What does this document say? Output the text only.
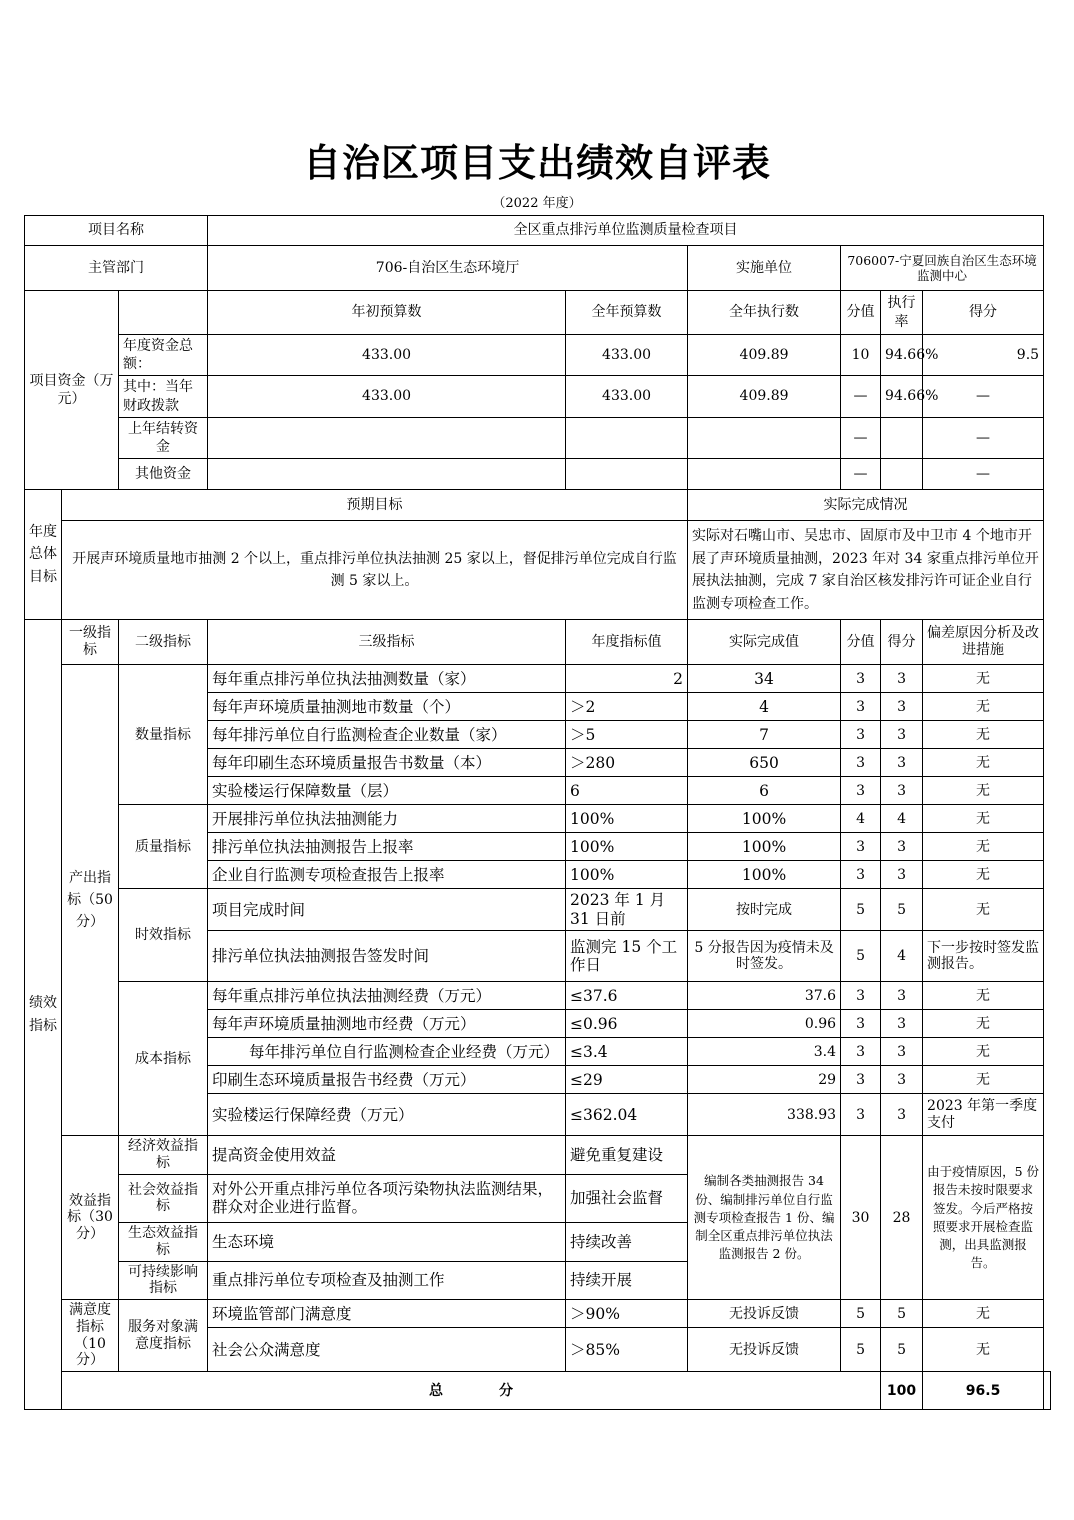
自治区项目支出绩效自评表
（2022 年度）
项目名称			全区重点排污单位监测质量检查项目						
主管部门			706-自治区生态环境厅		实施单位	706007-宁夏回族自治区生态环境监测中心			
项目资金（万元）			年初预算数	全年预算数	全年执行数	分值	执行率	得分	
		年度资金总额：	433.00	433.00	409.89	10	94.66%	9.5	
		其中：当年财政拨款	433.00	433.00	409.89	—	94.66%	—	
		上年结转资金				—		—	
		其他资金				—		—	
年度总体目标	预期目标				实际完成情况				
	开展声环境质量地市抽测 2 个以上，重点排污单位执法抽测 25 家以上，督促排污单位完成自行监测 5 家以上。				实际对石嘴山市、吴忠市、固原市及中卫市 4 个地市开展了声环境质量抽测，2023 年对 34 家重点排污单位开展执法抽测，完成 7 家自治区核发排污许可证企业自行监测专项检查工作。				
绩效指标	一级指标	二级指标	三级指标	年度指标值	实际完成值	分值	得分	偏差原因分析及改进措施	
	产出指标（50分）	数量指标	每年重点排污单位执法抽测数量（家）	2	34	3	3	无	
			每年声环境质量抽测地市数量（个）	＞2	4	3	3	无	
			每年排污单位自行监测检查企业数量（家）	＞5	7	3	3	无	
			每年印刷生态环境质量报告书数量（本）	＞280	650	3	3	无	
			实验楼运行保障数量（层）	6	6	3	3	无	
		质量指标	开展排污单位执法抽测能力	100%	100%	4	4	无	
			排污单位执法抽测报告上报率	100%	100%	3	3	无	
			企业自行监测专项检查报告上报率	100%	100%	3	3	无	
		时效指标	项目完成时间	2023 年 1 月 31 日前	按时完成	5	5	无	
			排污单位执法抽测报告签发时间	监测完 15 个工作日	5 分报告因为疫情未及时签发。	5	4	下一步按时签发监测报告。	
		成本指标	每年重点排污单位执法抽测经费（万元）	≤37.6	37.6	3	3	无	
			每年声环境质量抽测地市经费（万元）	≤0.96	0.96	3	3	无	
			每年排污单位自行监测检查企业经费（万元）	≤3.4	3.4	3	3	无	
			印刷生态环境质量报告书经费（万元）	≤29	29	3	3	无	
			实验楼运行保障经费（万元）	≤362.04	338.93	3	3	2023 年第一季度支付	
	效益指标（30分）	经济效益指标	提高资金使用效益	避免重复建设	编制各类抽测报告 34 份、编制排污单位自行监测专项检查报告 1 份、编制全区重点排污单位执法监测报告 2 份。	30	28	由于疫情原因，5 份报告未按时限要求签发。今后严格按照要求开展检查监测，出具监测报告。	
		社会效益指标	对外公开重点排污单位各项污染物执法监测结果，群众对企业进行监督。	加强社会监督					
		生态效益指标	生态环境	持续改善					
		可持续影响指标	重点排污单位专项检查及抽测工作	持续开展					
	满意度指标（10分）	服务对象满意度指标	环境监管部门满意度	＞90%	无投诉反馈	5	5	无	
			社会公众满意度	＞85%	无投诉反馈	5	5	无	
	总　　　　分						100	96.5	
